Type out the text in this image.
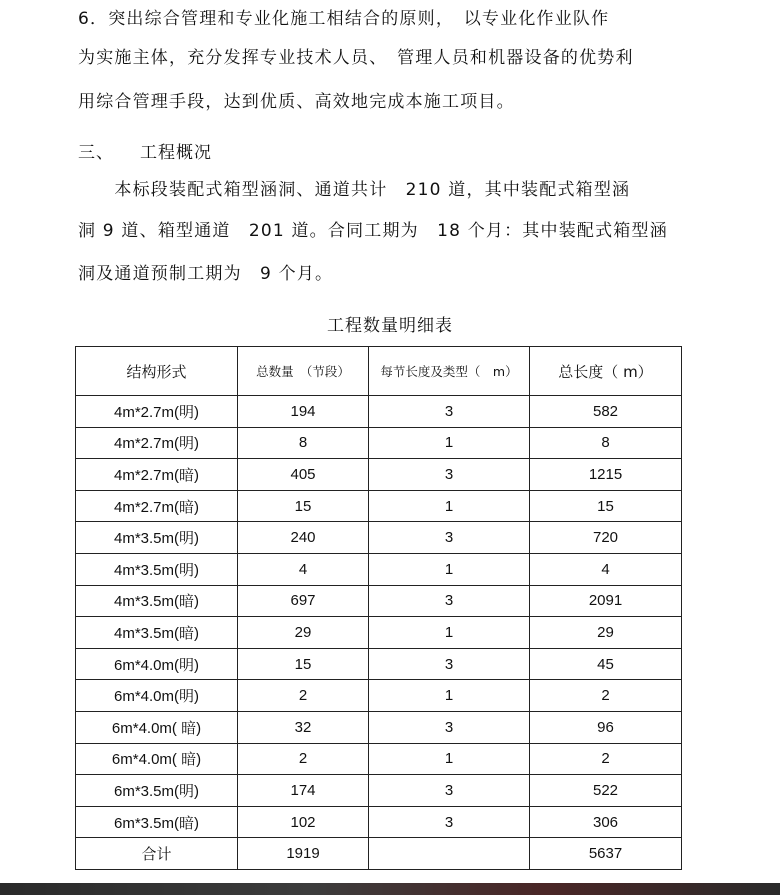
6．突出综合管理和专业化施工相结合的原则，　以专业化作业队作
为实施主体，充分发挥专业技术人员、　管理人员和机器设备的优势利
用综合管理手段，达到优质、高效地完成本施工项目。
三、 工程概况
　　本标段装配式箱型涵洞、通道共计　210 道，其中装配式箱型涵
洞 9 道、箱型通道　201 道。合同工期为　18 个月：其中装配式箱型涵
洞及通道预制工期为　9 个月。
工程数量明细表
结构形式	总数量　（节段）	每节长度及类型（　m）	总长度（ m）
4m*2.7m(明)	194	3	582
4m*2.7m(明)	8	1	8
4m*2.7m(暗)	405	3	1215
4m*2.7m(暗)	15	1	15
4m*3.5m(明)	240	3	720
4m*3.5m(明)	4	1	4
4m*3.5m(暗)	697	3	2091
4m*3.5m(暗)	29	1	29
6m*4.0m(明)	15	3	45
6m*4.0m(明)	2	1	2
6m*4.0m( 暗)	32	3	96
6m*4.0m( 暗)	2	1	2
6m*3.5m(明)	174	3	522
6m*3.5m(暗)	102	3	306
合计	1919		5637
